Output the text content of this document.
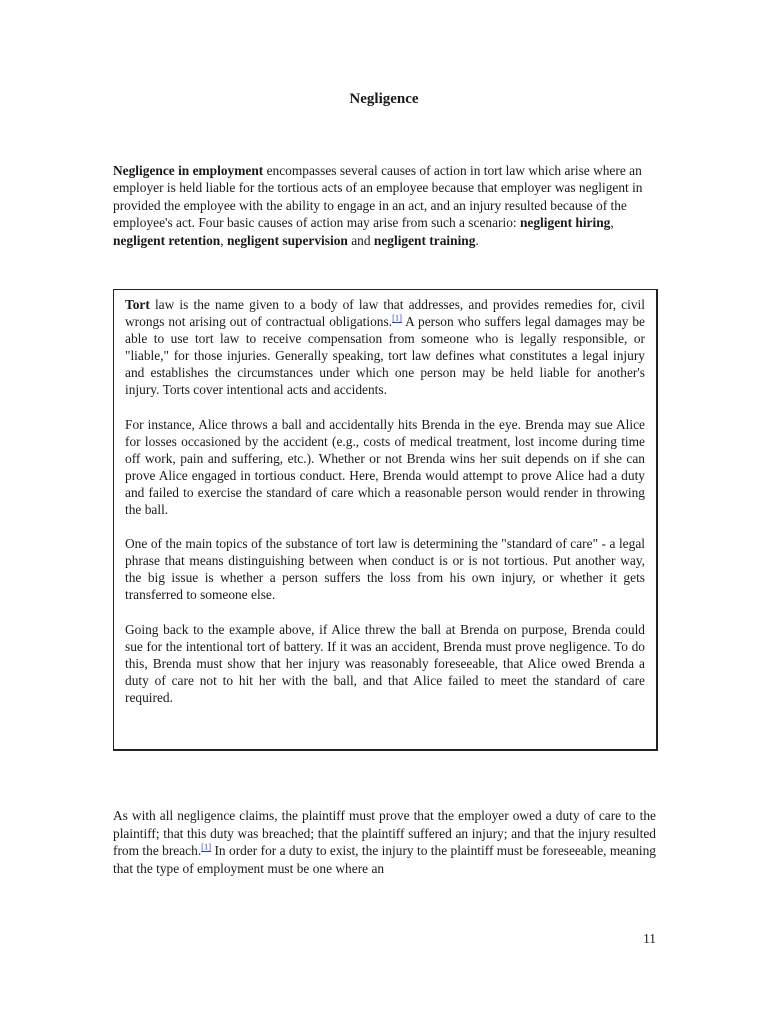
Negligence

Negligence in employment encompasses several causes of action in tort law which arise where an employer is held liable for the tortious acts of an employee because that employer was negligent in provided the employee with the ability to engage in an act, and an injury resulted because of the employee's act. Four basic causes of action may arise from such a scenario: negligent hiring, negligent retention, negligent supervision and negligent training.

Tort law is the name given to a body of law that addresses, and provides remedies for, civil wrongs not arising out of contractual obligations.[1] A person who suffers legal damages may be able to use tort law to receive compensation from someone who is legally responsible, or "liable," for those injuries. Generally speaking, tort law defines what constitutes a legal injury and establishes the circumstances under which one person may be held liable for another's injury. Torts cover intentional acts and accidents.

For instance, Alice throws a ball and accidentally hits Brenda in the eye. Brenda may sue Alice for losses occasioned by the accident (e.g., costs of medical treatment, lost income during time off work, pain and suffering, etc.). Whether or not Brenda wins her suit depends on if she can prove Alice engaged in tortious conduct. Here, Brenda would attempt to prove Alice had a duty and failed to exercise the standard of care which a reasonable person would render in throwing the ball.

One of the main topics of the substance of tort law is determining the "standard of care" - a legal phrase that means distinguishing between when conduct is or is not tortious. Put another way, the big issue is whether a person suffers the loss from his own injury, or whether it gets transferred to someone else.

Going back to the example above, if Alice threw the ball at Brenda on purpose, Brenda could sue for the intentional tort of battery. If it was an accident, Brenda must prove negligence. To do this, Brenda must show that her injury was reasonably foreseeable, that Alice owed Brenda a duty of care not to hit her with the ball, and that Alice failed to meet the standard of care required.

As with all negligence claims, the plaintiff must prove that the employer owed a duty of care to the plaintiff; that this duty was breached; that the plaintiff suffered an injury; and that the injury resulted from the breach.[1] In order for a duty to exist, the injury to the plaintiff must be foreseeable, meaning that the type of employment must be one where an

11
